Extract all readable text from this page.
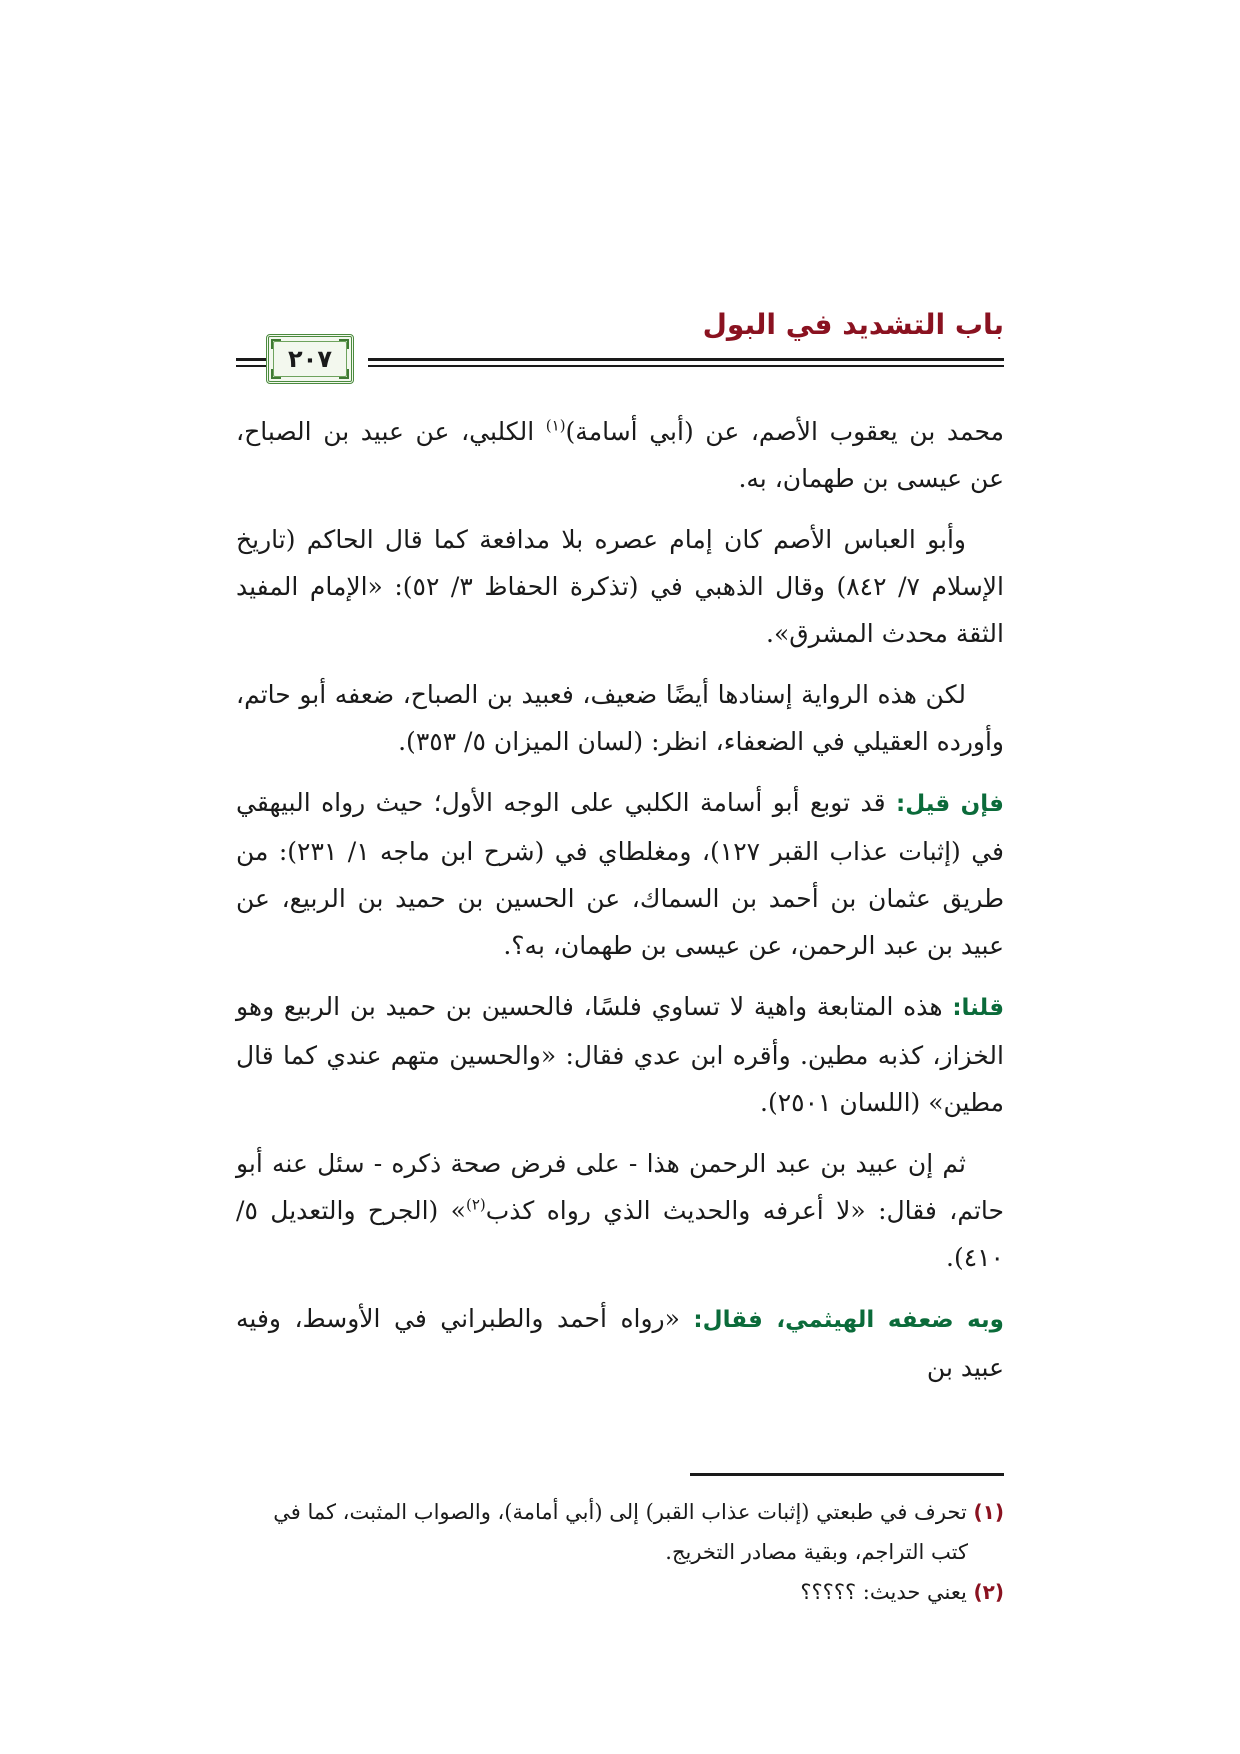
باب التشديد في البول
٢٠٧

محمد بن يعقوب الأصم، عن (أبي أسامة)$^{(١)}$ الكلبي، عن عبيد بن الصباح، عن عيسى بن طهمان، به.

وأبو العباس الأصم كان إمام عصره بلا مدافعة كما قال الحاكم (تاريخ الإسلام ٧/ ٨٤٢) وقال الذهبي في (تذكرة الحفاظ ٣/ ٥٢): «الإمام المفيد الثقة محدث المشرق».

لكن هذه الرواية إسنادها أيضًا ضعيف، فعبيد بن الصباح، ضعفه أبو حاتم، وأورده العقيلي في الضعفاء، انظر: (لسان الميزان ٥/ ٣٥٣).

فإن قيل: قد توبع أبو أسامة الكلبي على الوجه الأول؛ حيث رواه البيهقي في (إثبات عذاب القبر ١٢٧)، ومغلطاي في (شرح ابن ماجه ١/ ٢٣١): من طريق عثمان بن أحمد بن السماك، عن الحسين بن حميد بن الربيع، عن عبيد بن عبد الرحمن، عن عيسى بن طهمان، به؟.

قلنا: هذه المتابعة واهية لا تساوي فلسًا، فالحسين بن حميد بن الربيع وهو الخزاز، كذبه مطين. وأقره ابن عدي فقال: «والحسين متهم عندي كما قال مطين» (اللسان ٢٥٠١).

ثم إن عبيد بن عبد الرحمن هذا - على فرض صحة ذكره - سئل عنه أبو حاتم، فقال: «لا أعرفه والحديث الذي رواه كذب$^{(٢)}$» (الجرح والتعديل ٥/ ٤١٠).

وبه ضعفه الهيثمي، فقال: «رواه أحمد والطبراني في الأوسط، وفيه عبيد بن

(١) تحرف في طبعتي (إثبات عذاب القبر) إلى (أبي أمامة)، والصواب المثبت، كما في

كتب التراجم، وبقية مصادر التخريج.

(٢) يعني حديث: ؟؟؟؟؟
